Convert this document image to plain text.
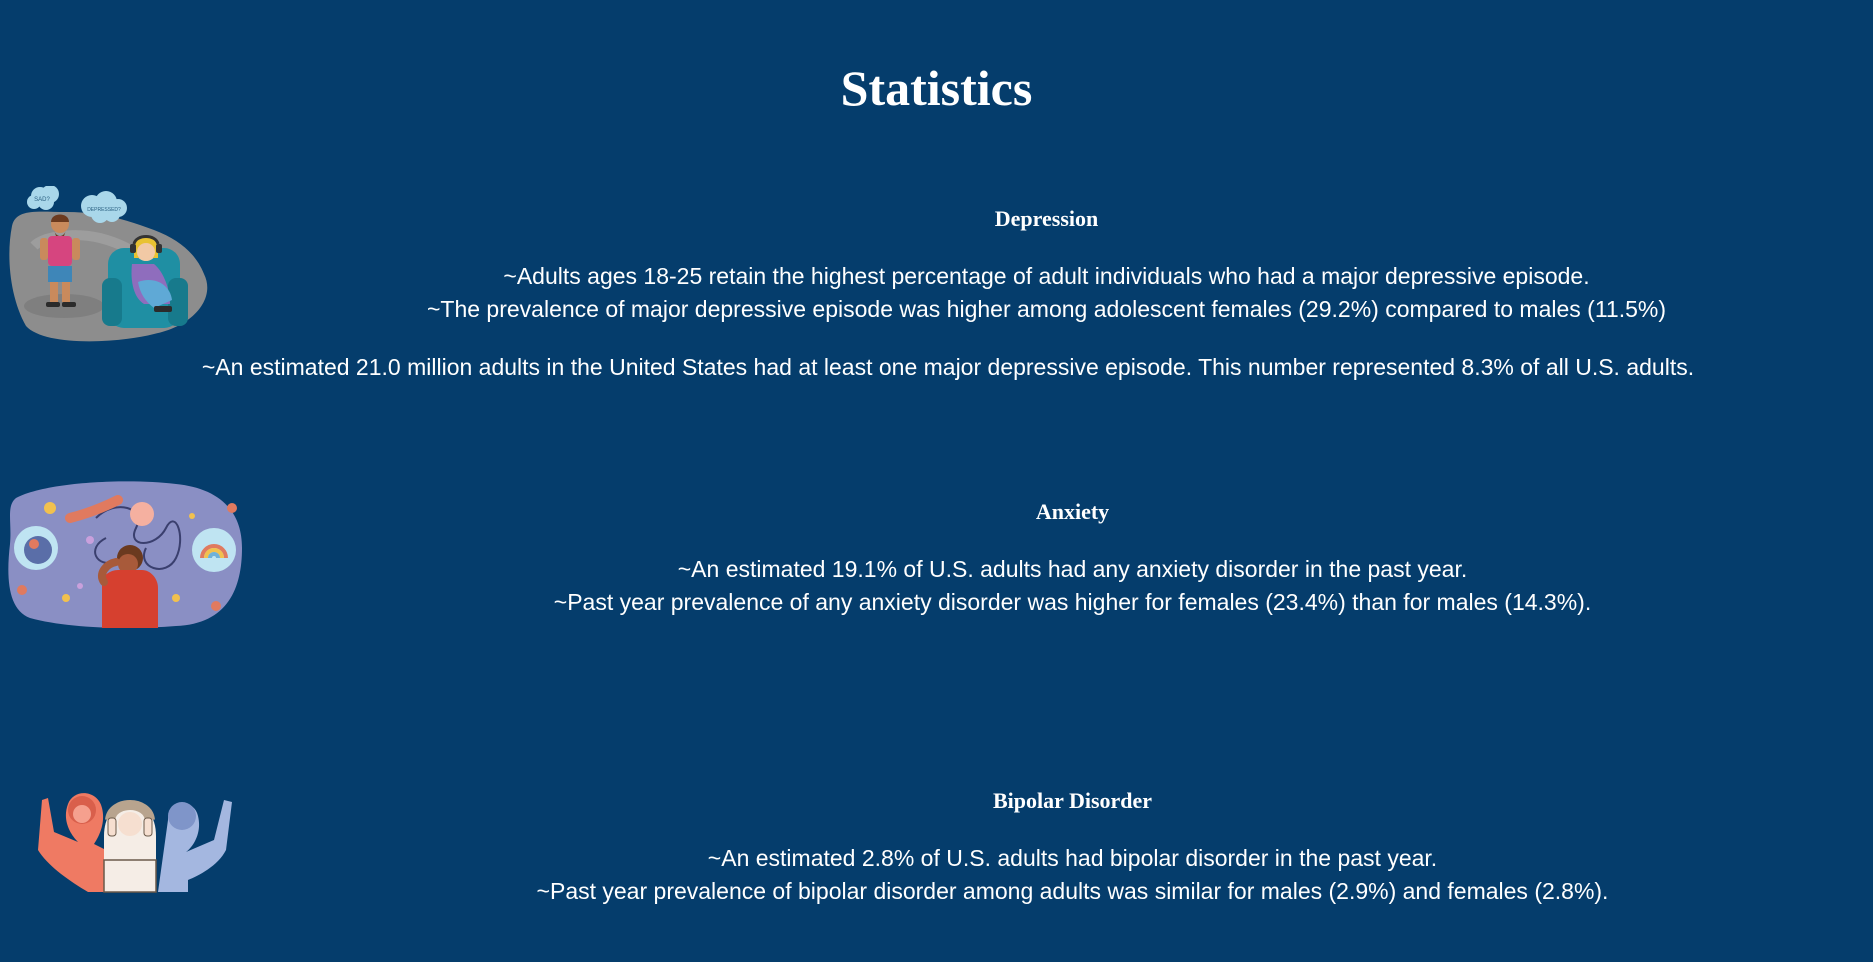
Statistics
SAD?
DEPRESSED?	Depression

~Adults ages 18-25 retain the highest percentage of adult individuals who had a major depressive episode.

~The prevalence of major depressive episode was higher among adolescent females (29.2%) compared to males (11.5%)

~An estimated 21.0 million adults in the United States had at least one major depressive episode. This number represented 8.3% of all U.S. adults.

Anxiety

~An estimated 19.1% of U.S. adults had any anxiety disorder in the past year.

~Past year prevalence of any anxiety disorder was higher for females (23.4%) than for males (14.3%).

Bipolar Disorder

~An estimated 2.8% of U.S. adults had bipolar disorder in the past year.

~Past year prevalence of bipolar disorder among adults was similar for males (2.9%) and females (2.8%).
